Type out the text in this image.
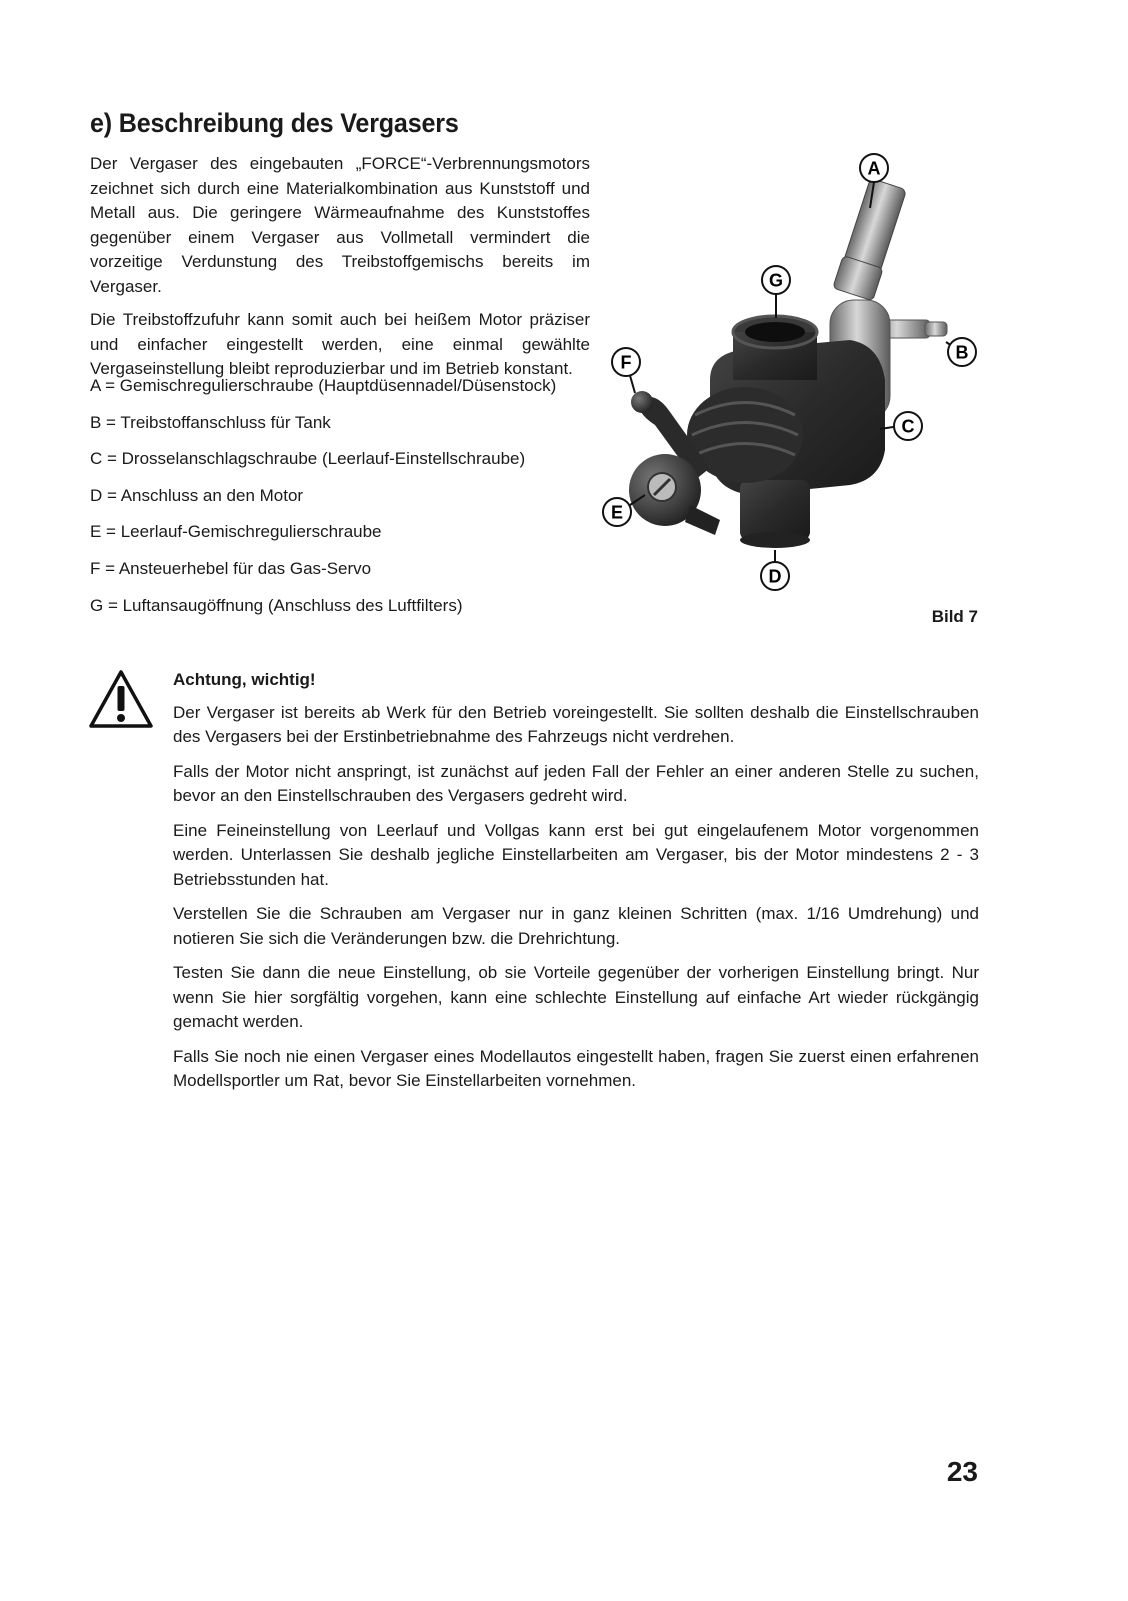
e) Beschreibung des Vergasers

Der Vergaser des eingebauten „FORCE“-Verbrennungsmotors zeichnet sich durch eine Materialkombination aus Kunststoff und Metall aus. Die geringere Wärmeaufnahme des Kunststoffes gegenüber einem Vergaser aus Vollmetall vermindert die vorzeitige Verdunstung des Treibstoffgemischs bereits im Vergaser.

Die Treibstoffzufuhr kann somit auch bei heißem Motor präziser und einfacher eingestellt werden, eine einmal gewählte Vergaseinstellung bleibt reproduzierbar und im Betrieb konstant.

A = Gemischregulierschraube (Hauptdüsennadel/Düsenstock)
B = Treibstoffanschluss für Tank
C = Drosselanschlagschraube (Leerlauf-Einstellschraube)
D = Anschluss an den Motor
E = Leerlauf-Gemischregulierschraube
F = Ansteuerhebel für das Gas-Servo
G = Luftansaugöffnung (Anschluss des Luftfilters)
A
B
C
D
E
F
G
Bild 7
Achtung, wichtig!

Der Vergaser ist bereits ab Werk für den Betrieb voreingestellt. Sie sollten deshalb die Einstellschrauben des Vergasers bei der Erstinbetriebnahme des Fahrzeugs nicht verdrehen.

Falls der Motor nicht anspringt, ist zunächst auf jeden Fall der Fehler an einer anderen Stelle zu suchen, bevor an den Einstellschrauben des Vergasers gedreht wird.

Eine Feineinstellung von Leerlauf und Vollgas kann erst bei gut eingelaufenem Motor vorgenommen werden. Unterlassen Sie deshalb jegliche Einstellarbeiten am Vergaser, bis der Motor mindestens 2 - 3 Betriebsstunden hat.

Verstellen Sie die Schrauben am Vergaser nur in ganz kleinen Schritten (max. 1/16 Umdrehung) und notieren Sie sich die Veränderungen bzw. die Drehrichtung.

Testen Sie dann die neue Einstellung, ob sie Vorteile gegenüber der vorherigen Einstellung bringt. Nur wenn Sie hier sorgfältig vorgehen, kann eine schlechte Einstellung auf einfache Art wieder rückgängig gemacht werden.

Falls Sie noch nie einen Vergaser eines Modellautos eingestellt haben, fragen Sie zuerst einen erfahrenen Modellsportler um Rat, bevor Sie Einstellarbeiten vornehmen.

23
